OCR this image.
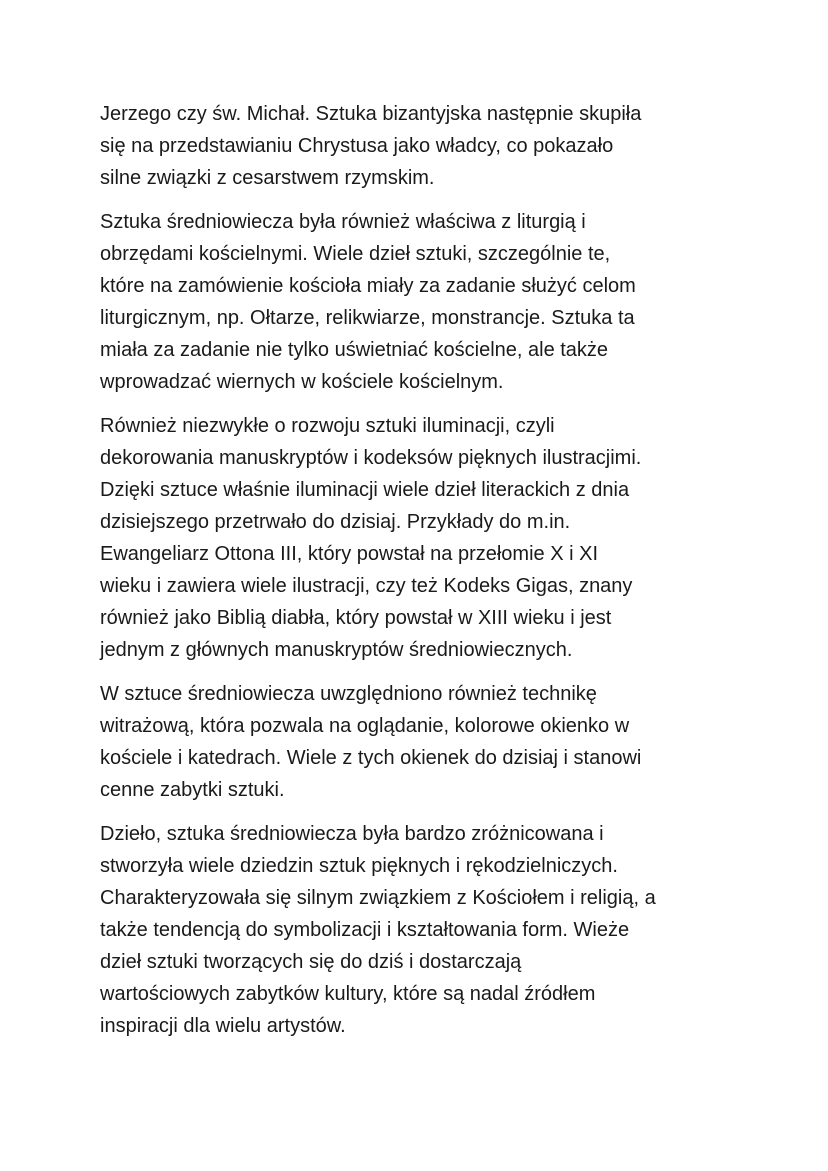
Jerzego czy św. Michał. Sztuka bizantyjska następnie skupiła
się na przedstawianiu Chrystusa jako władcy, co pokazało
silne związki z cesarstwem rzymskim.

Sztuka średniowiecza była również właściwa z liturgią i
obrzędami kościelnymi. Wiele dzieł sztuki, szczególnie te,
które na zamówienie kościoła miały za zadanie służyć celom
liturgicznym, np. Ołtarze, relikwiarze, monstrancje. Sztuka ta
miała za zadanie nie tylko uświetniać kościelne, ale także
wprowadzać wiernych w kościele kościelnym.

Również niezwykłe o rozwoju sztuki iluminacji, czyli
dekorowania manuskryptów i kodeksów pięknych ilustracjimi.
Dzięki sztuce właśnie iluminacji wiele dzieł literackich z dnia
dzisiejszego przetrwało do dzisiaj. Przykłady do m.in.
Ewangeliarz Ottona III, który powstał na przełomie X i XI
wieku i zawiera wiele ilustracji, czy też Kodeks Gigas, znany
również jako Biblią diabła, który powstał w XIII wieku i jest
jednym z głównych manuskryptów średniowiecznych.

W sztuce średniowiecza uwzględniono również technikę
witrażową, która pozwala na oglądanie, kolorowe okienko w
kościele i katedrach. Wiele z tych okienek do dzisiaj i stanowi
cenne zabytki sztuki.

Dzieło, sztuka średniowiecza była bardzo zróżnicowana i
stworzyła wiele dziedzin sztuk pięknych i rękodzielniczych.
Charakteryzowała się silnym związkiem z Kościołem i religią, a
także tendencją do symbolizacji i kształtowania form. Wieże
dzieł sztuki tworzących się do dziś i dostarczają
wartościowych zabytków kultury, które są nadal źródłem
inspiracji dla wielu artystów.
